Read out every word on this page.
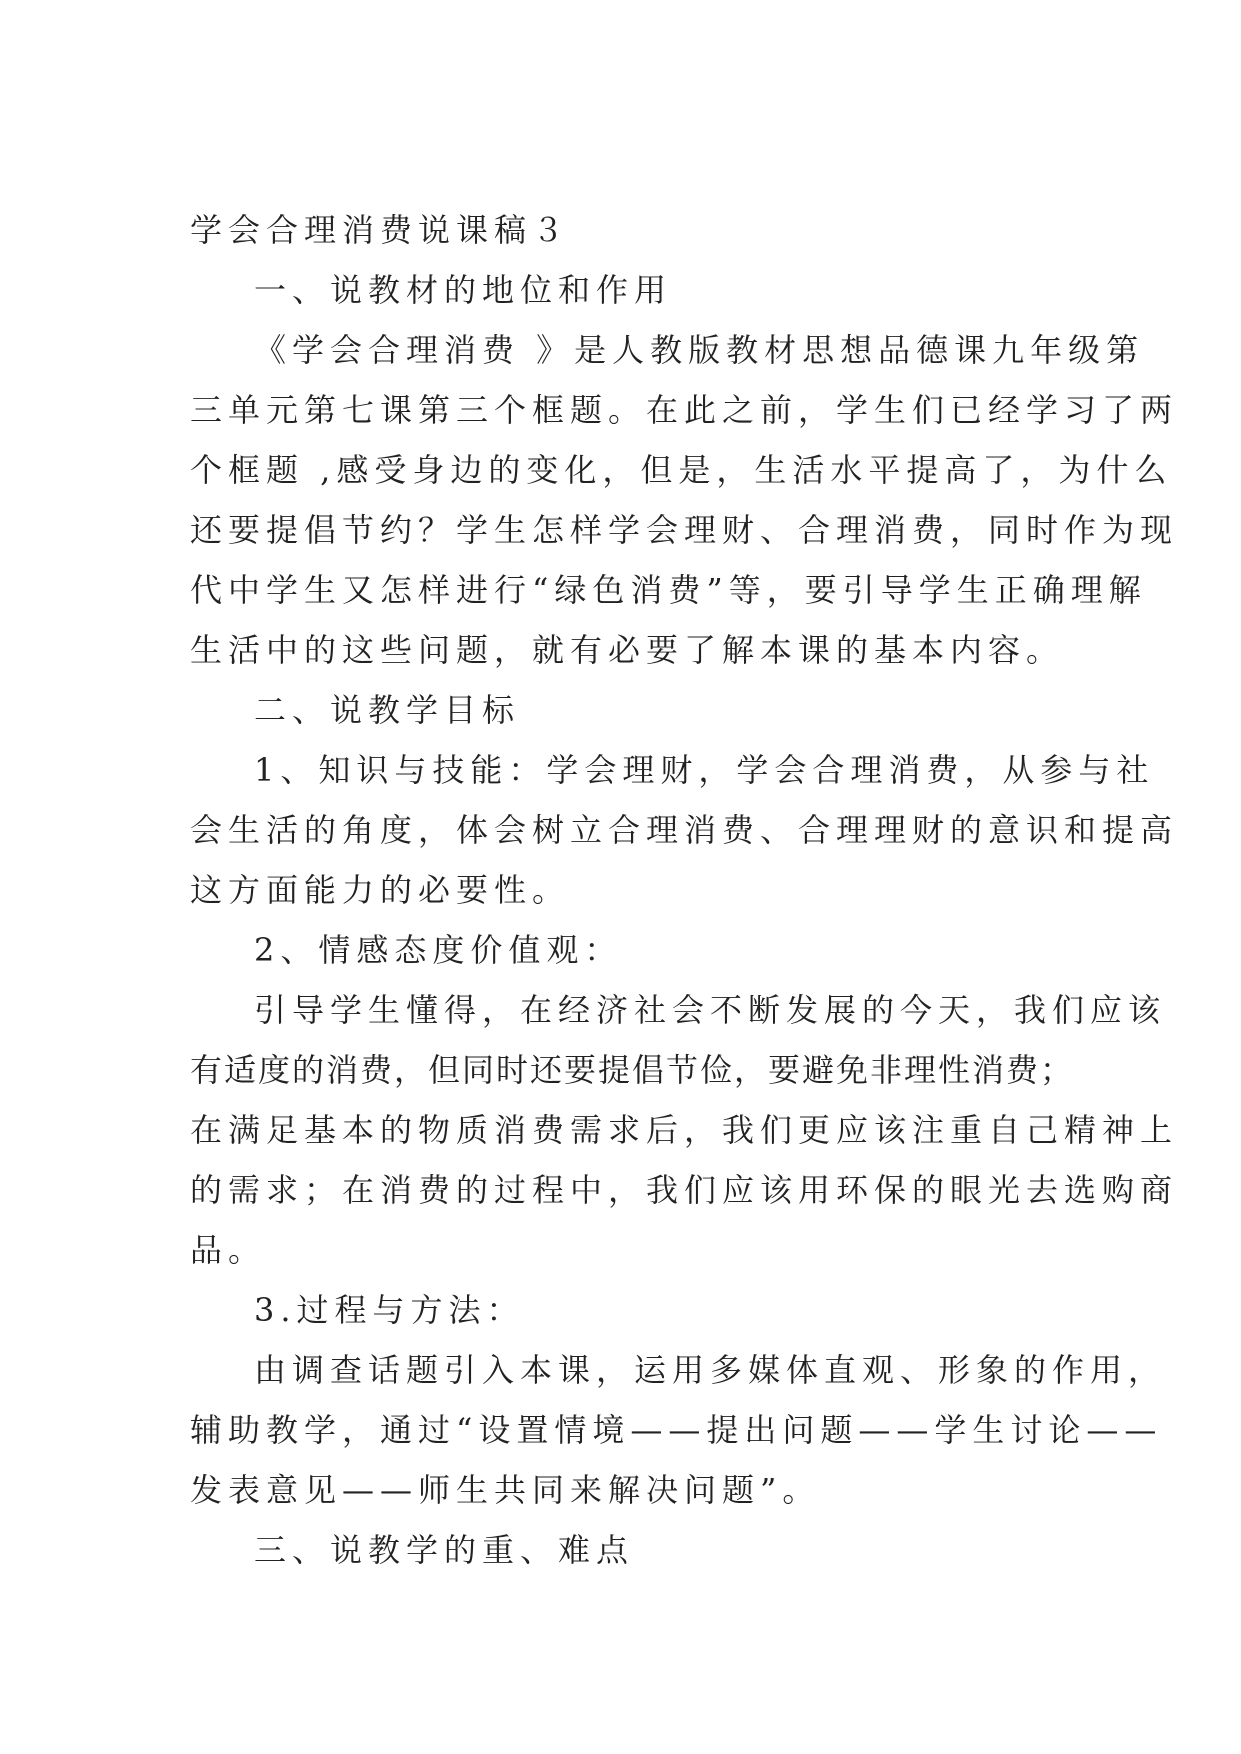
学会合理消费说课稿３
一、说教材的地位和作用
《学会合理消费 》是人教版教材思想品德课九年级第
三单元第七课第三个框题。在此之前，学生们已经学习了两
个框题 ,感受身边的变化，但是，生活水平提高了，为什么
还要提倡节约？学生怎样学会理财、合理消费，同时作为现
代中学生又怎样进行“绿色消费”等，要引导学生正确理解
生活中的这些问题，就有必要了解本课的基本内容。
二、说教学目标
1、知识与技能：学会理财，学会合理消费，从参与社
会生活的角度，体会树立合理消费、合理理财的意识和提高
这方面能力的必要性。
2、情感态度价值观：
引导学生懂得，在经济社会不断发展的今天，我们应该
有适度的消费，但同时还要提倡节俭，要避免非理性消费；
在满足基本的物质消费需求后，我们更应该注重自己精神上
的需求；在消费的过程中，我们应该用环保的眼光去选购商
品。
3.过程与方法：
由调查话题引入本课，运用多媒体直观、形象的作用，
辅助教学，通过“设置情境——提出问题——学生讨论——
发表意见——师生共同来解决问题”。
三、说教学的重、难点
